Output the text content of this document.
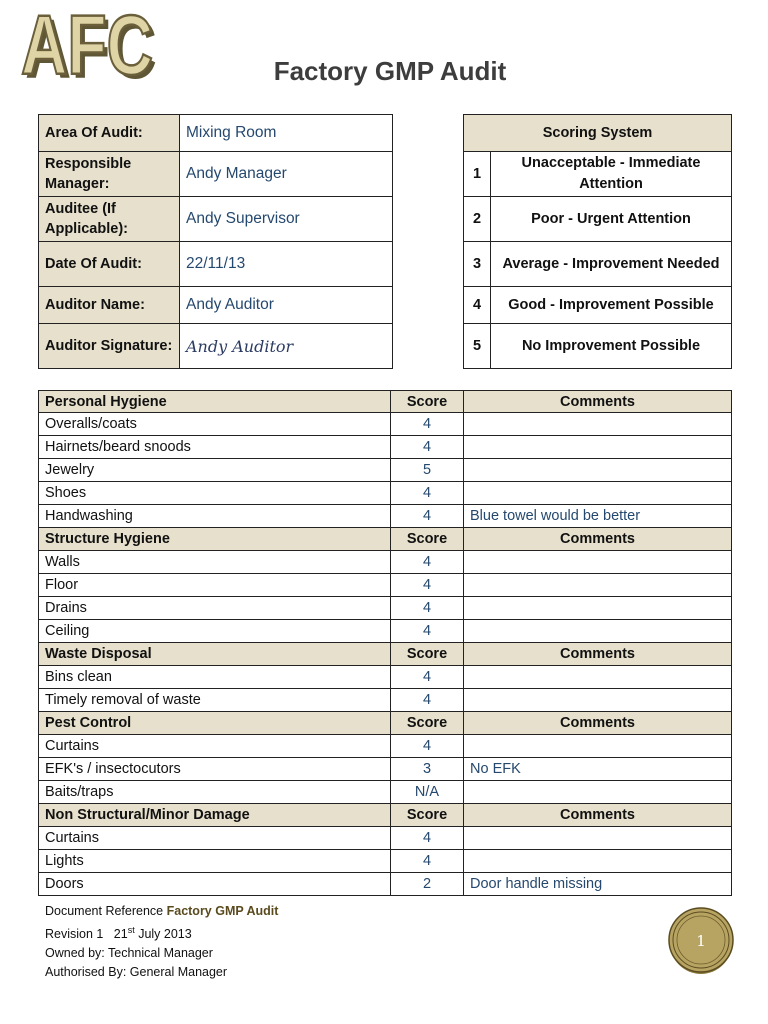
AFC
AFC	Factory GMP Audit
Area Of Audit:	Mixing Room
Responsible Manager:	Andy Manager
Auditee (If Applicable):	Andy Supervisor
Date Of Audit:	22/11/13
Auditor Name:	Andy Auditor
Auditor Signature:	Andy Auditor
Scoring System	
1	Unacceptable - Immediate Attention
2	Poor - Urgent Attention
3	Average - Improvement Needed
4	Good - Improvement Possible
5	No Improvement Possible
Personal Hygiene	Score	Comments
Overalls/coats	4	
Hairnets/beard snoods	4	
Jewelry	5	
Shoes	4	
Handwashing	4	Blue towel would be better
Structure Hygiene	Score	Comments
Walls	4	
Floor	4	
Drains	4	
Ceiling	4	
Waste Disposal	Score	Comments
Bins clean	4	
Timely removal of waste	4	
Pest Control	Score	Comments
Curtains	4	
EFK's / insectocutors	3	No EFK
Baits/traps	N/A	
Non Structural/Minor Damage	Score	Comments
Curtains	4	
Lights	4	
Doors	2	Door handle missing
Document Reference Factory GMP Audit
Revision 1 21st July 2013
Owned by: Technical Manager
Authorised By: General Manager
1
